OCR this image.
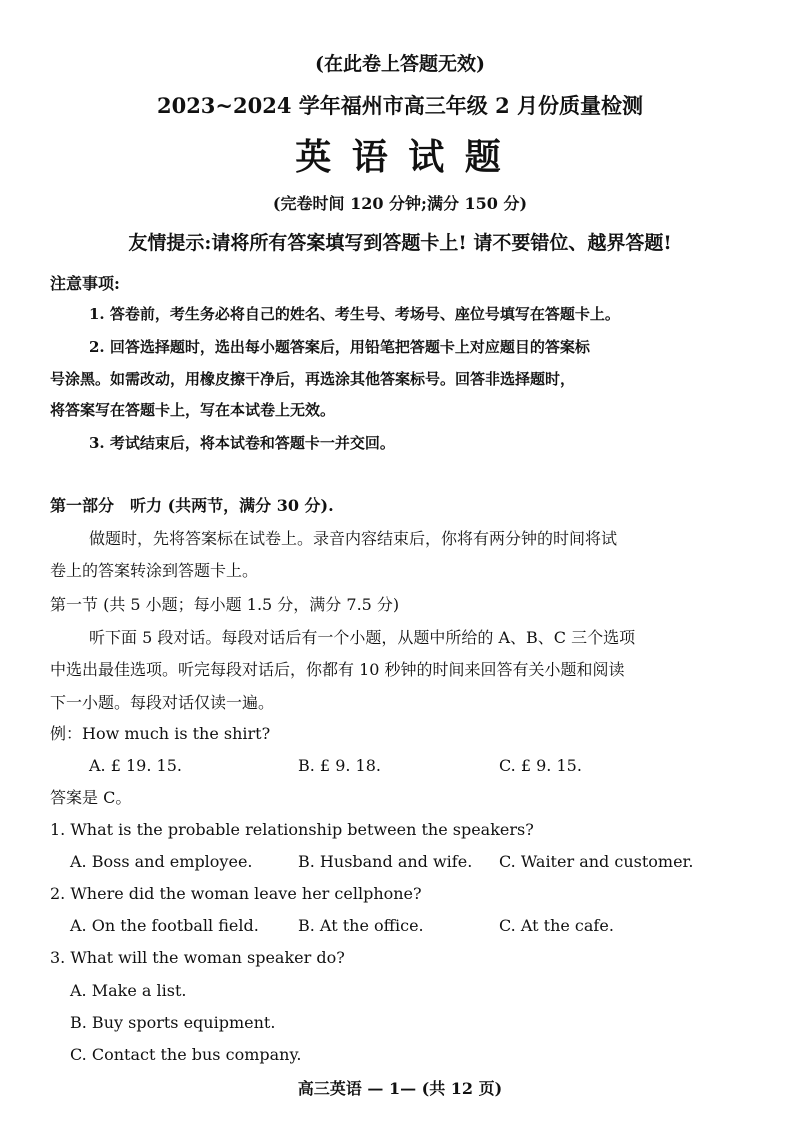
(在此卷上答题无效)
2023~2024 学年福州市高三年级 2 月份质量检测
英 语 试 题
(完卷时间 120 分钟;满分 150 分)
友情提示:请将所有答案填写到答题卡上! 请不要错位、越界答题!
注意事项:
1. 答卷前，考生务必将自己的姓名、考生号、考场号、座位号填写在答题卡上。
2. 回答选择题时，选出每小题答案后，用铅笔把答题卡上对应题目的答案标
号涂黑。如需改动，用橡皮擦干净后，再选涂其他答案标号。回答非选择题时，
将答案写在答题卡上，写在本试卷上无效。
3. 考试结束后，将本试卷和答题卡一并交回。
第一部分　听力 (共两节，满分 30 分).
做题时，先将答案标在试卷上。录音内容结束后，你将有两分钟的时间将试
卷上的答案转涂到答题卡上。
第一节 (共 5 小题；每小题 1.5 分，满分 7.5 分)
听下面 5 段对话。每段对话后有一个小题，从题中所给的 A、B、C 三个选项
中选出最佳选项。听完每段对话后，你都有 10 秒钟的时间来回答有关小题和阅读
下一小题。每段对话仅读一遍。
例：How much is the shirt?
A. £ 19. 15.	B. £ 9. 18.	C. £ 9. 15.
答案是 C。
1. What is the probable relationship between the speakers?
A. Boss and employee.	B. Husband and wife. C. Waiter and customer.
2. Where did the woman leave her cellphone?
A. On the football field. B. At the office.	C. At the cafe.
3. What will the woman speaker do?
A. Make a list.
B. Buy sports equipment.
C. Contact the bus company.
高三英语 — 1— (共 12 页)
